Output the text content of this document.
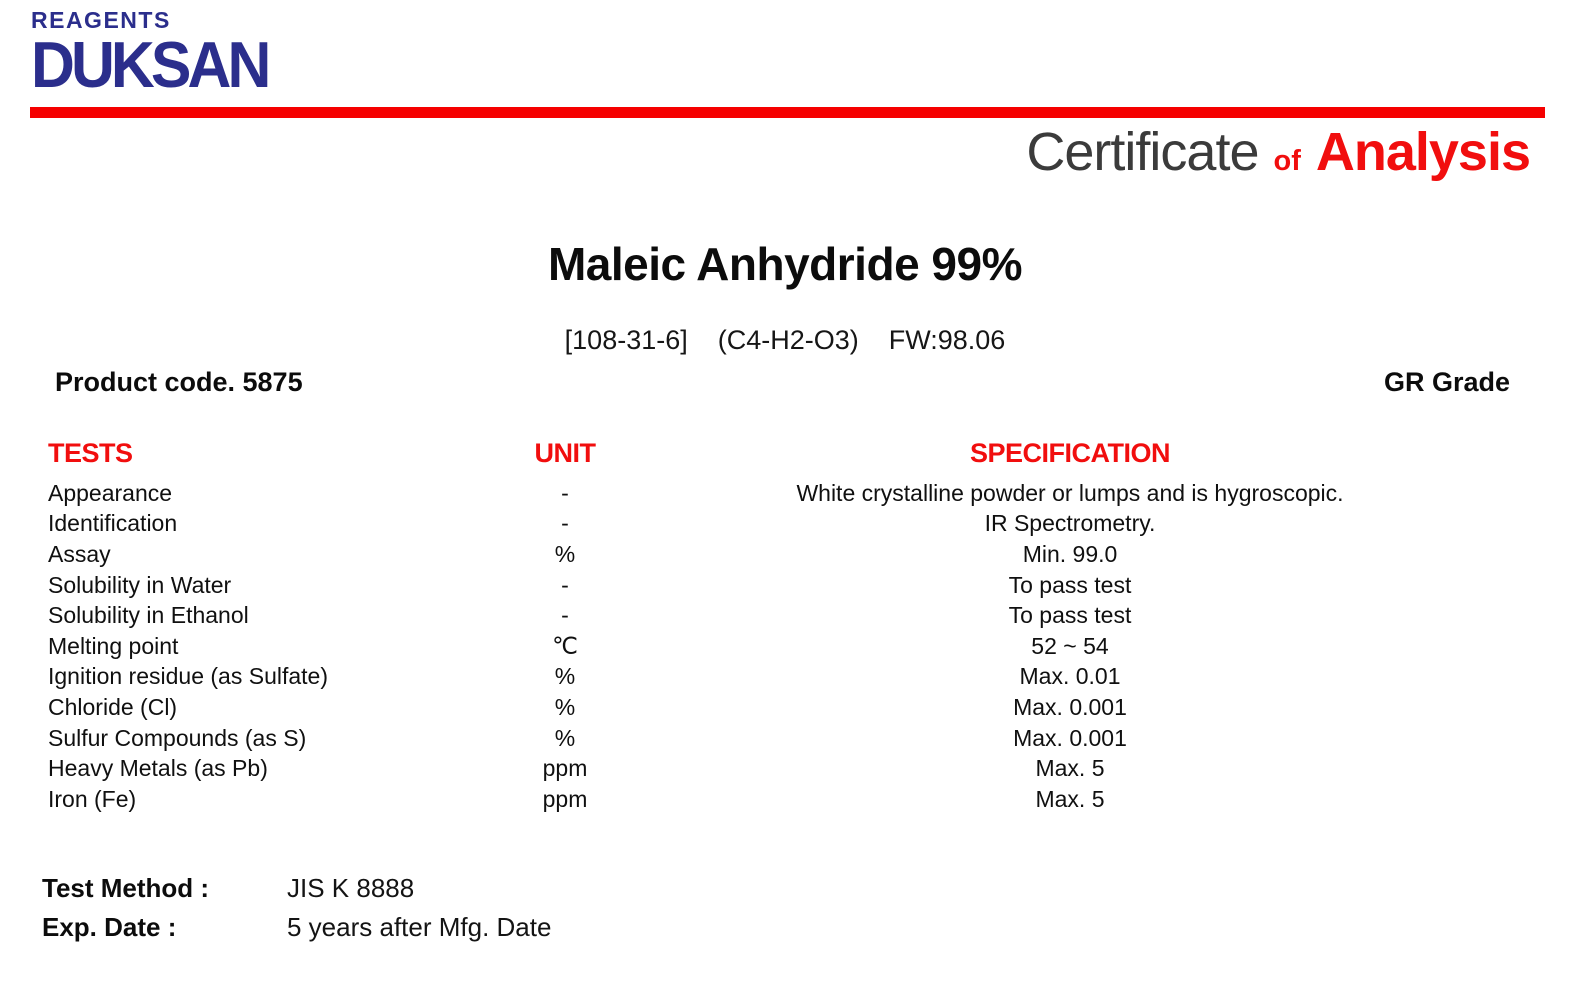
REAGENTS
DUKSAN
Certificate of Analysis
Maleic Anhydride 99%
[108-31-6] (C4-H2-O3) FW:98.06
Product code. 5875	GR Grade
TESTS	UNIT	SPECIFICATION
Appearance	-	White crystalline powder or lumps and is hygroscopic.
Identification	-	IR Spectrometry.
Assay	%	Min. 99.0
Solubility in Water	-	To pass test
Solubility in Ethanol	-	To pass test
Melting point	℃	52 ~ 54
Ignition residue (as Sulfate)	%	Max. 0.01
Chloride (Cl)	%	Max. 0.001
Sulfur Compounds (as S)	%	Max. 0.001
Heavy Metals (as Pb)	ppm	Max. 5
Iron (Fe)	ppm	Max. 5
Test Method :	JIS K 8888
Exp. Date :	5 years after Mfg. Date
